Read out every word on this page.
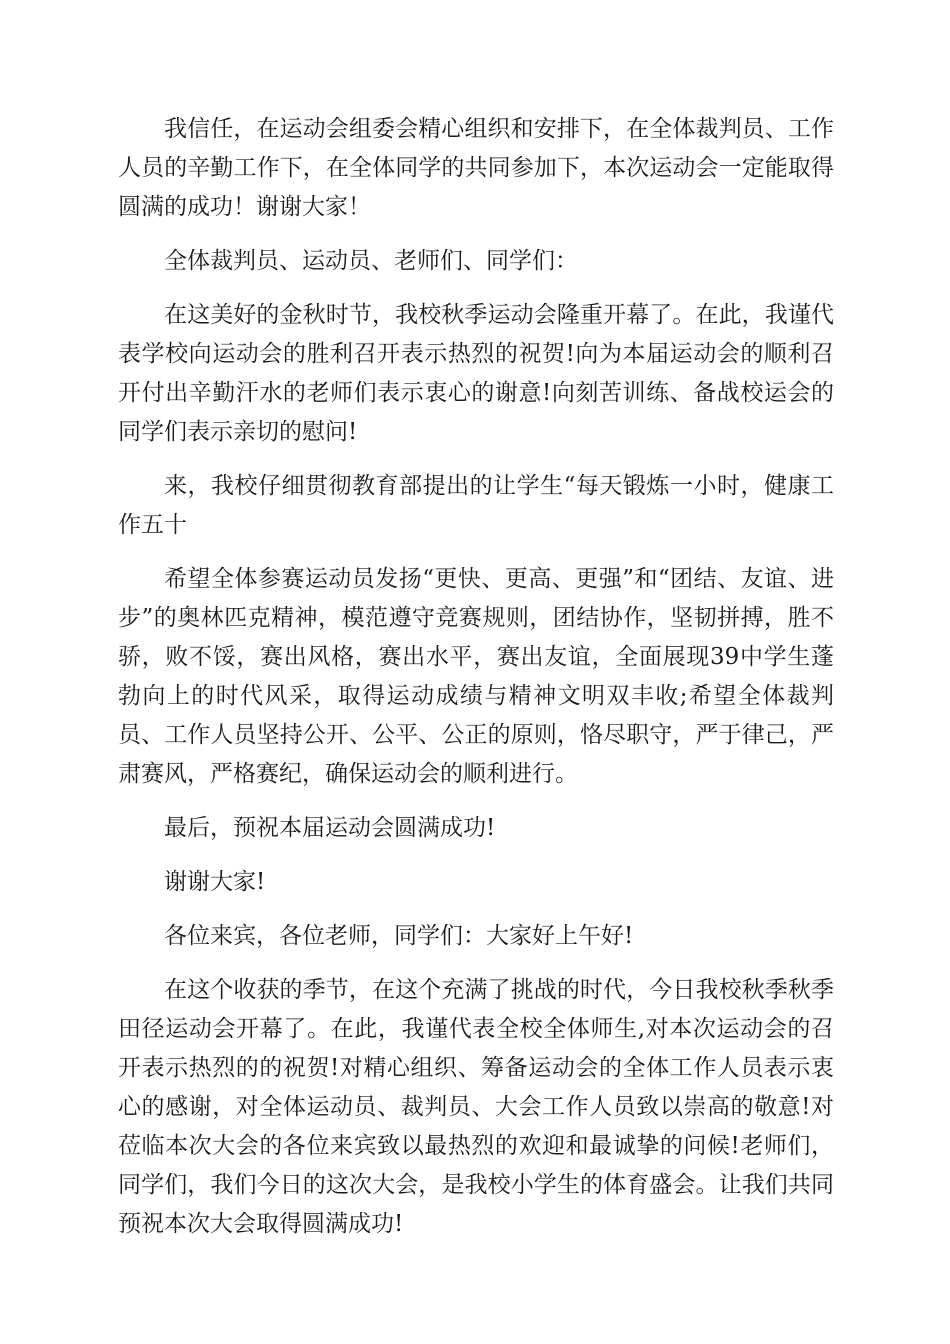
我信任，在运动会组委会精心组织和安排下，在全体裁判员、工作人员的辛勤工作下，在全体同学的共同参加下，本次运动会一定能取得圆满的成功！谢谢大家！

全体裁判员、运动员、老师们、同学们：

在这美好的金秋时节，我校秋季运动会隆重开幕了。在此，我谨代表学校向运动会的胜利召开表示热烈的祝贺!向为本届运动会的顺利召开付出辛勤汗水的老师们表示衷心的谢意!向刻苦训练、备战校运会的同学们表示亲切的慰问!

来，我校仔细贯彻教育部提出的让学生“每天锻炼一小时，健康工作五十

希望全体参赛运动员发扬“更快、更高、更强”和“团结、友谊、进步”的奥林匹克精神，模范遵守竞赛规则，团结协作，坚韧拼搏，胜不骄，败不馁，赛出风格，赛出水平，赛出友谊，全面展现39中学生蓬勃向上的时代风采，取得运动成绩与精神文明双丰收;希望全体裁判员、工作人员坚持公开、公平、公正的原则，恪尽职守，严于律己，严肃赛风，严格赛纪，确保运动会的顺利进行。

最后，预祝本届运动会圆满成功!

谢谢大家!

各位来宾，各位老师，同学们：大家好上午好!

在这个收获的季节，在这个充满了挑战的时代，今日我校秋季秋季田径运动会开幕了。在此，我谨代表全校全体师生,对本次运动会的召开表示热烈的的祝贺!对精心组织、筹备运动会的全体工作人员表示衷心的感谢，对全体运动员、裁判员、大会工作人员致以崇高的敬意!对莅临本次大会的各位来宾致以最热烈的欢迎和最诚挚的问候!老师们，同学们，我们今日的这次大会，是我校小学生的体育盛会。让我们共同预祝本次大会取得圆满成功!
